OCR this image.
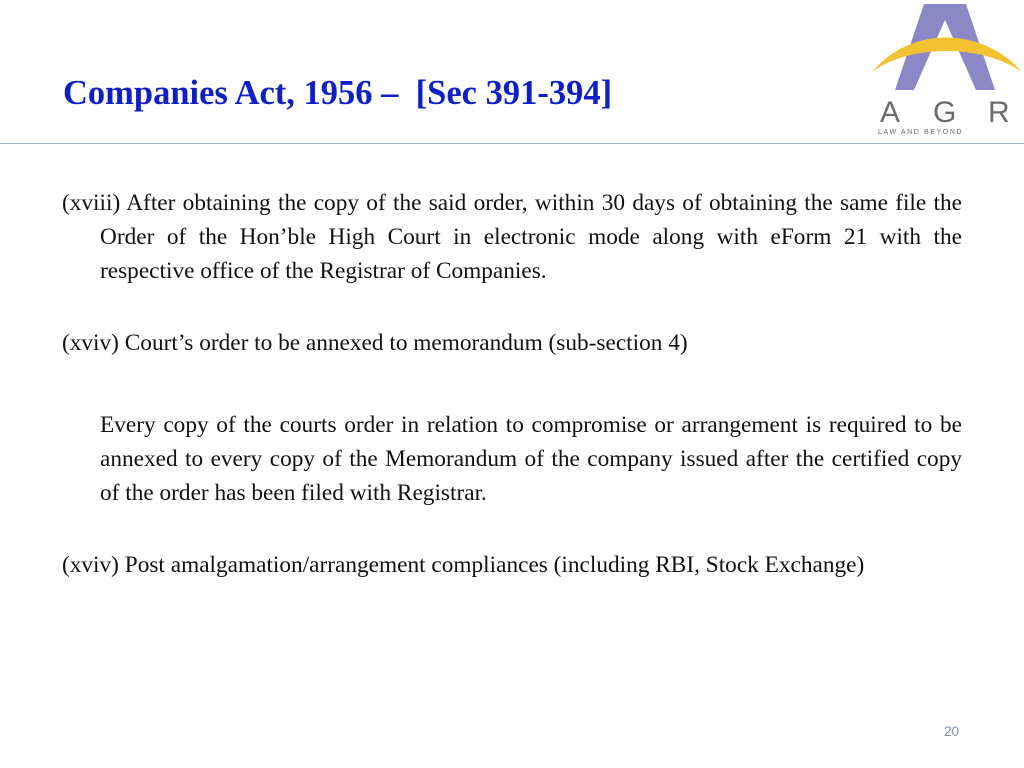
Companies Act, 1956 –  [Sec 391-394]
A G R
LAW AND BEYOND

(xviii) After obtaining the copy of the said order, within 30 days of obtaining the same file the Order of the Hon’ble High Court in electronic mode along with eForm 21 with the respective office of the Registrar of Companies.

(xviv) Court’s order to be annexed to memorandum (sub-section 4)

Every copy of the courts order in relation to compromise or arrangement is required to be annexed to every copy of the Memorandum of the company issued after the certified copy of the order has been filed with Registrar.

(xviv) Post amalgamation/arrangement compliances (including RBI, Stock Exchange)

20
